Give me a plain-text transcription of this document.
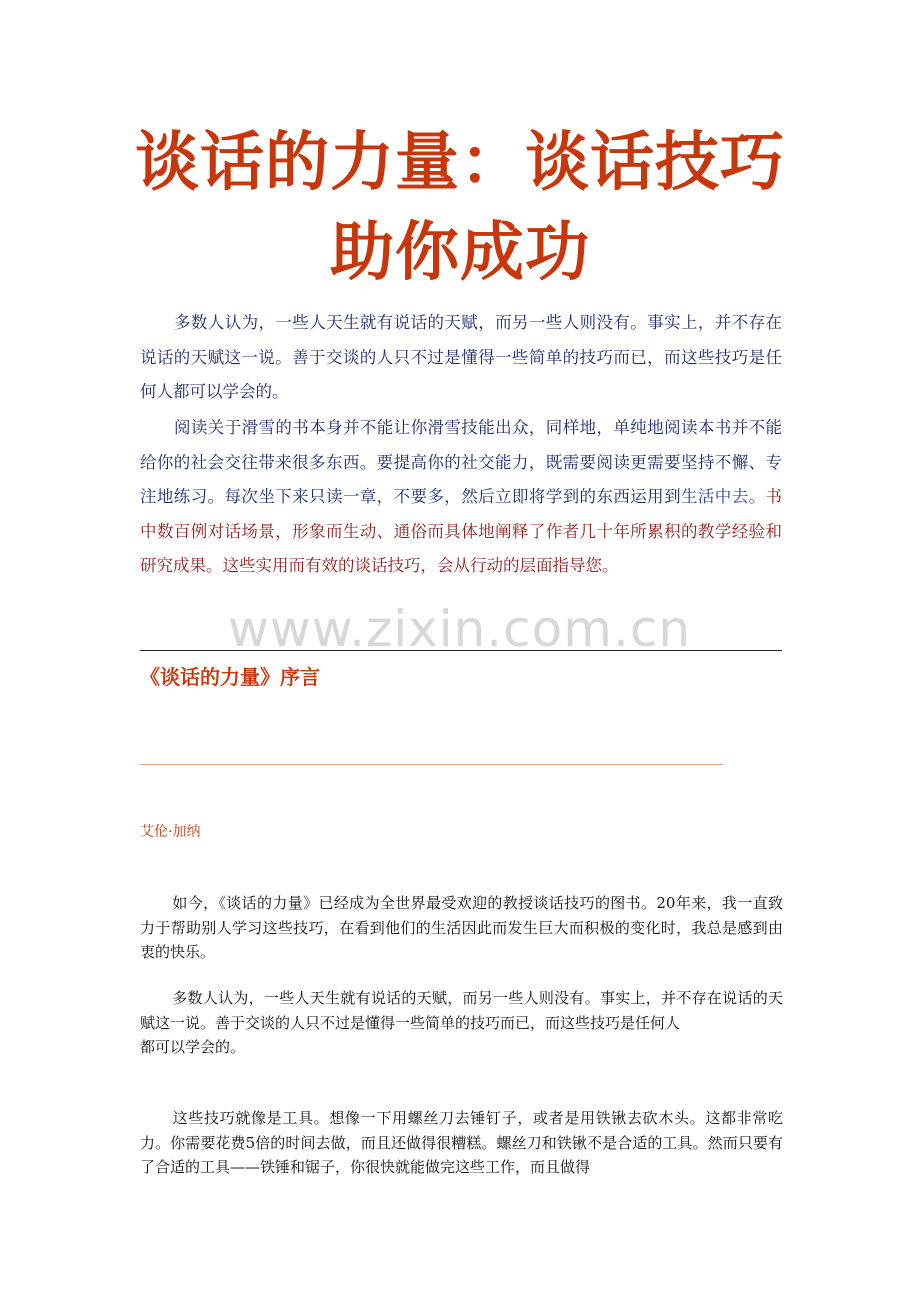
谈话的力量：谈话技巧助你成功

多数人认为，一些人天生就有说话的天赋，而另一些人则没有。事实上，并不存在说话的天赋这一说。善于交谈的人只不过是懂得一些简单的技巧而已，而这些技巧是任何人都可以学会的。

阅读关于滑雪的书本身并不能让你滑雪技能出众，同样地，单纯地阅读本书并不能给你的社会交往带来很多东西。要提高你的社交能力，既需要阅读更需要坚持不懈、专注地练习。每次坐下来只读一章，不要多，然后立即将学到的东西运用到生活中去。书中数百例对话场景，形象而生动、通俗而具体地阐释了作者几十年所累积的教学经验和研究成果。这些实用而有效的谈话技巧，会从行动的层面指导您。

www.zixin.com.cn
《谈话的力量》序言
___________________________________________________________________________________
艾伦·加纳

如今，《谈话的力量》已经成为全世界最受欢迎的教授谈话技巧的图书。20年来，我一直致力于帮助别人学习这些技巧，在看到他们的生活因此而发生巨大而积极的变化时，我总是感到由衷的快乐。

多数人认为，一些人天生就有说话的天赋，而另一些人则没有。事实上，并不存在说话的天赋这一说。善于交谈的人只不过是懂得一些简单的技巧而已，而这些技巧是任何人
都可以学会的。

这些技巧就像是工具。想像一下用螺丝刀去锤钉子，或者是用铁锹去砍木头。这都非常吃力。你需要花费5倍的时间去做，而且还做得很糟糕。螺丝刀和铁锹不是合适的工具。然而只要有了合适的工具——铁锤和锯子，你很快就能做完这些工作，而且做得
